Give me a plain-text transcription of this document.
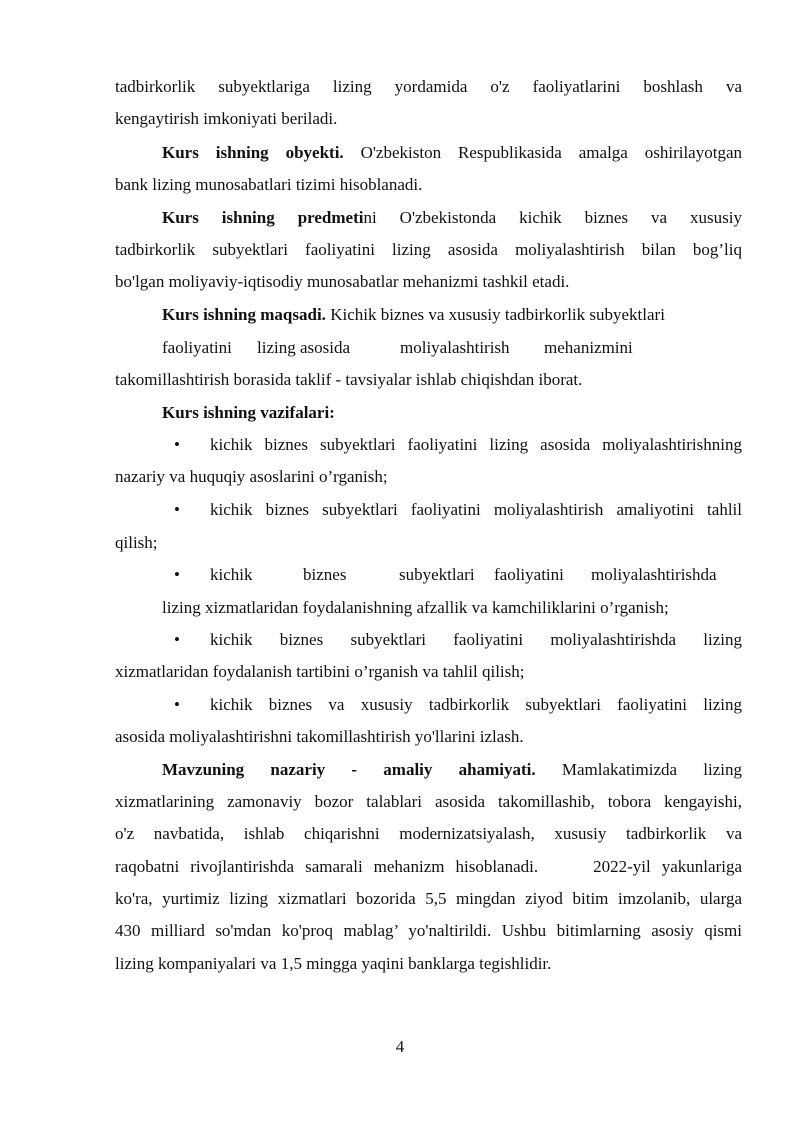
tadbirkorlik subyektlariga lizing yordamida o'z faoliyatlarini boshlash va
kengaytirish imkoniyati beriladi.
Kurs ishning obyekti. O'zbekiston Respublikasida amalga oshirilayotgan
bank lizing munosabatlari tizimi hisoblanadi.
Kurs ishning predmetini O'zbekistonda kichik biznes va xususiy
tadbirkorlik subyektlari faoliyatini lizing asosida moliyalashtirish bilan bog’liq
bo'lgan moliyaviy-iqtisodiy munosabatlar mehanizmi tashkil etadi.
Kurs ishning maqsadi. Kichik biznes va xususiy tadbirkorlik subyektlari
faoliyatini lizing asosida	moliyalashtirish mehanizmini
takomillashtirish borasida taklif - tavsiyalar ishlab chiqishdan iborat.
Kurs ishning vazifalari:
• kichik biznes subyektlari faoliyatini lizing asosida moliyalashtirishning
nazariy va huquqiy asoslarini o’rganish;
• kichik biznes subyektlari faoliyatini moliyalashtirish amaliyotini tahlil
qilish;
• kichik	biznes	subyektlari faoliyatini moliyalashtirishda
lizing xizmatlaridan foydalanishning afzallik va kamchiliklarini o’rganish;
• kichik biznes subyektlari faoliyatini moliyalashtirishda lizing
xizmatlaridan foydalanish tartibini o’rganish va tahlil qilish;
• kichik biznes va xususiy tadbirkorlik subyektlari faoliyatini lizing
asosida moliyalashtirishni takomillashtirish yo'llarini izlash.
Mavzuning nazariy - amaliy ahamiyati. Mamlakatimizda lizing
xizmatlarining zamonaviy bozor talablari asosida takomillashib, tobora kengayishi,
o'z navbatida, ishlab chiqarishni modernizatsiyalash, xususiy tadbirkorlik va
raqobatni rivojlantirishda samarali mehanizm hisoblanadi.     2022-yil yakunlariga
ko'ra, yurtimiz lizing xizmatlari bozorida 5,5 mingdan ziyod bitim imzolanib, ularga
430 milliard so'mdan ko'proq mablag’ yo'naltirildi. Ushbu bitimlarning asosiy qismi
lizing kompaniyalari va 1,5 mingga yaqini banklarga tegishlidir.
4
